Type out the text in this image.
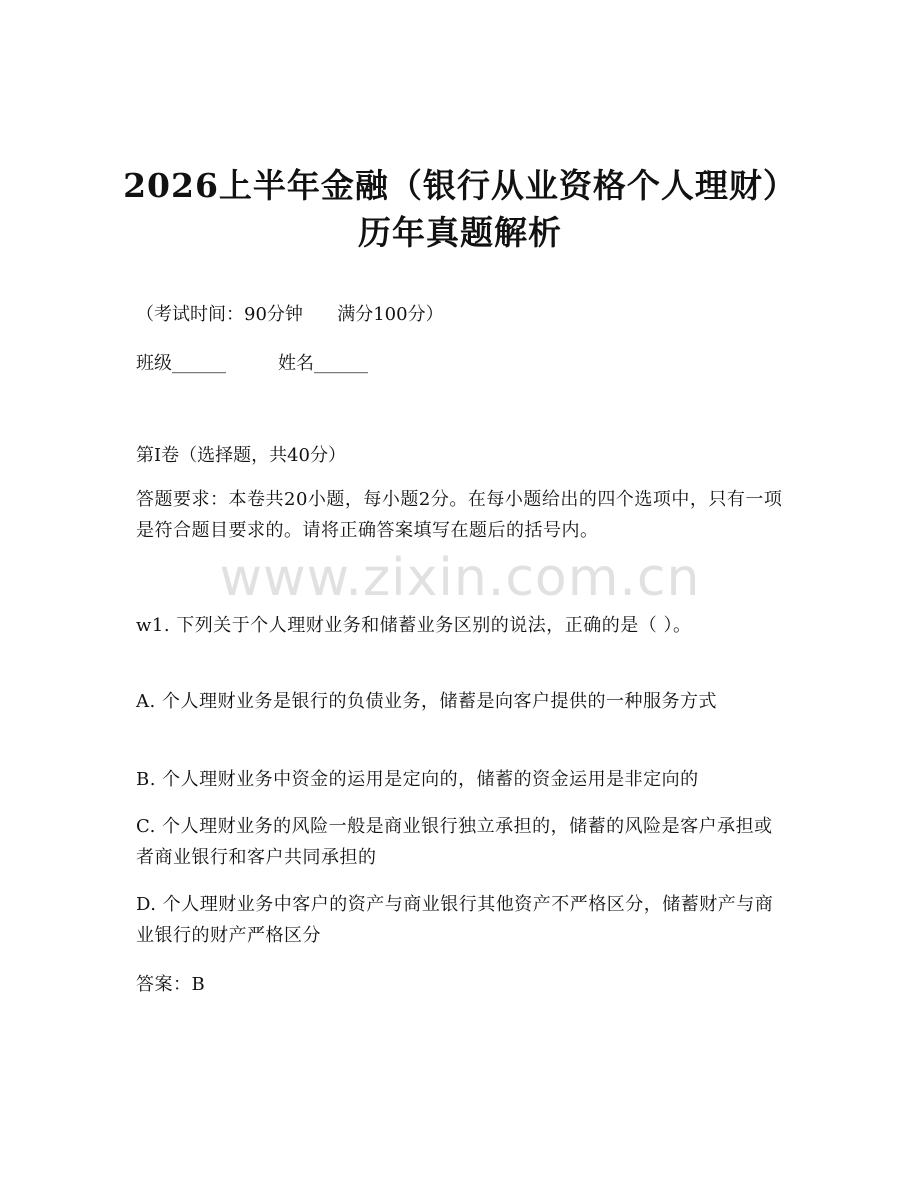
2026上半年金融（银行从业资格个人理财）
历年真题解析
（考试时间：90分钟      满分100分）
班级______	姓名______
第I卷（选择题，共40分）
答题要求：本卷共20小题，每小题2分。在每小题给出的四个选项中，只有一项是符合题目要求的。请将正确答案填写在题后的括号内。
www.zixin.com.cn
w1. 下列关于个人理财业务和储蓄业务区别的说法，正确的是（ ）。
A. 个人理财业务是银行的负债业务，储蓄是向客户提供的一种服务方式
B. 个人理财业务中资金的运用是定向的，储蓄的资金运用是非定向的
C. 个人理财业务的风险一般是商业银行独立承担的，储蓄的风险是客户承担或者商业银行和客户共同承担的
D. 个人理财业务中客户的资产与商业银行其他资产不严格区分，储蓄财产与商业银行的财产严格区分
答案：B
